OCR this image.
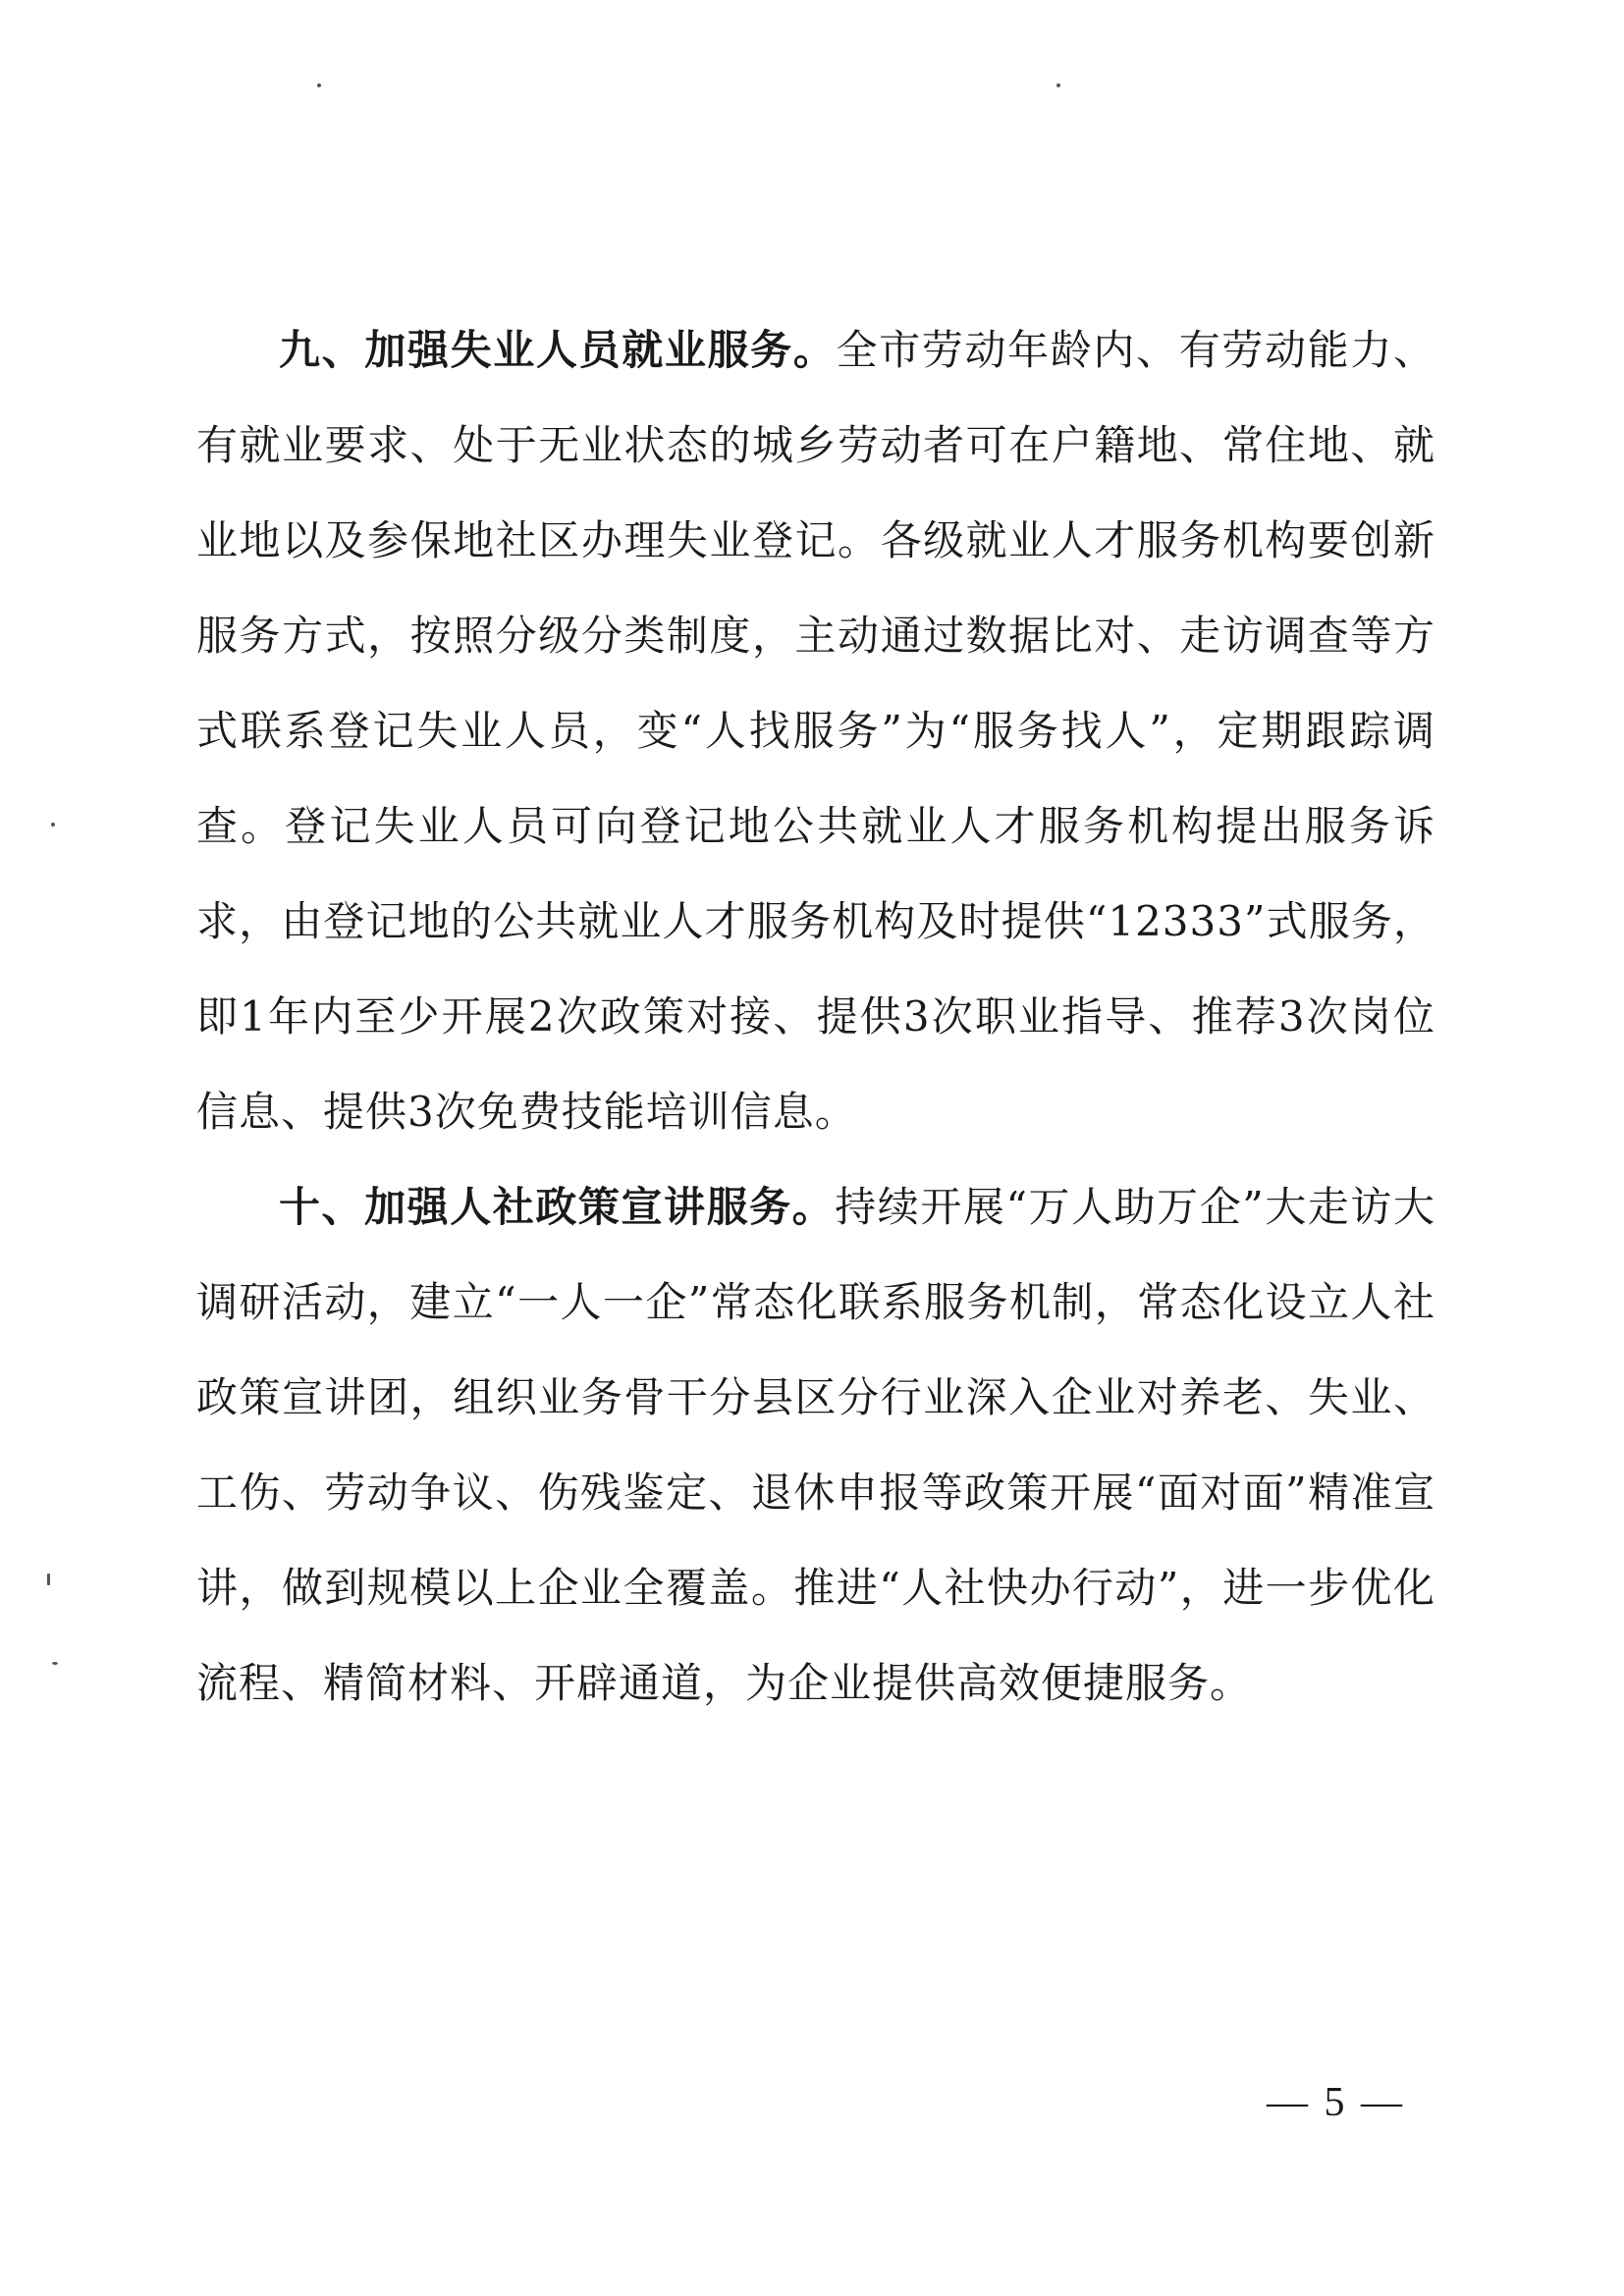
九、加强失业人员就业服务。全市劳动年龄内、有劳动能力、有就业要求、处于无业状态的城乡劳动者可在户籍地、常住地、就业地以及参保地社区办理失业登记。各级就业人才服务机构要创新服务方式，按照分级分类制度，主动通过数据比对、走访调查等方式联系登记失业人员，变“人找服务”为“服务找人”，定期跟踪调查。登记失业人员可向登记地公共就业人才服务机构提出服务诉求，由登记地的公共就业人才服务机构及时提供“12333”式服务，即1年内至少开展2次政策对接、提供3次职业指导、推荐3次岗位信息、提供3次免费技能培训信息。

十、加强人社政策宣讲服务。持续开展“万人助万企”大走访大调研活动，建立“一人一企”常态化联系服务机制，常态化设立人社政策宣讲团，组织业务骨干分县区分行业深入企业对养老、失业、工伤、劳动争议、伤残鉴定、退休申报等政策开展“面对面”精准宣讲，做到规模以上企业全覆盖。推进“人社快办行动”，进一步优化流程、精简材料、开辟通道，为企业提供高效便捷服务。

— 5 —
